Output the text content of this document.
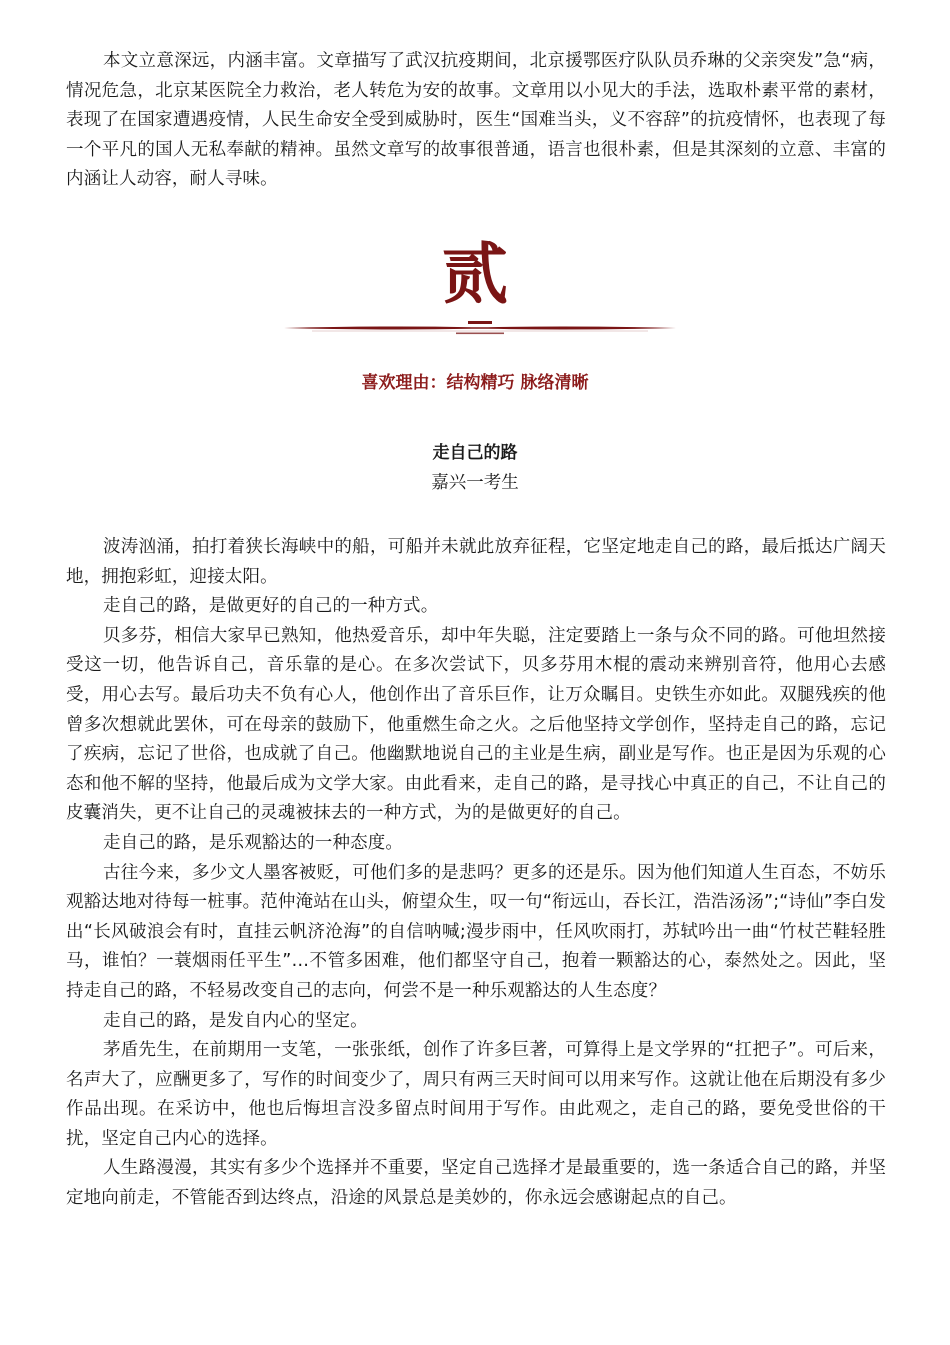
本文立意深远，内涵丰富。文章描写了武汉抗疫期间，北京援鄂医疗队队员乔琳的父亲突发”急“病，情况危急，北京某医院全力救治，老人转危为安的故事。文章用以小见大的手法，选取朴素平常的素材，表现了在国家遭遇疫情，人民生命安全受到威胁时，医生“国难当头，义不容辞”的抗疫情怀，也表现了每一个平凡的国人无私奉献的精神。虽然文章写的故事很普通，语言也很朴素，但是其深刻的立意、丰富的内涵让人动容，耐人寻味。

贰
喜欢理由：结构精巧 脉络清晰
走自己的路
嘉兴一考生

波涛汹涌，拍打着狭长海峡中的船，可船并未就此放弃征程，它坚定地走自己的路，最后抵达广阔天地，拥抱彩虹，迎接太阳。

走自己的路，是做更好的自己的一种方式。

贝多芬，相信大家早已熟知，他热爱音乐，却中年失聪，注定要踏上一条与众不同的路。可他坦然接受这一切，他告诉自己，音乐靠的是心。在多次尝试下，贝多芬用木棍的震动来辨别音符，他用心去感受，用心去写。最后功夫不负有心人，他创作出了音乐巨作，让万众瞩目。史铁生亦如此。双腿残疾的他曾多次想就此罢休，可在母亲的鼓励下，他重燃生命之火。之后他坚持文学创作，坚持走自己的路，忘记了疾病，忘记了世俗，也成就了自己。他幽默地说自己的主业是生病，副业是写作。也正是因为乐观的心态和他不解的坚持，他最后成为文学大家。由此看来，走自己的路，是寻找心中真正的自己，不让自己的皮囊消失，更不让自己的灵魂被抹去的一种方式，为的是做更好的自己。

走自己的路，是乐观豁达的一种态度。

古往今来，多少文人墨客被贬，可他们多的是悲吗？更多的还是乐。因为他们知道人生百态，不妨乐观豁达地对待每一桩事。范仲淹站在山头，俯望众生，叹一句“衔远山，吞长江，浩浩汤汤”;“诗仙”李白发出“长风破浪会有时，直挂云帆济沧海”的自信呐喊;漫步雨中，任风吹雨打，苏轼吟出一曲“竹杖芒鞋轻胜马，谁怕？一蓑烟雨任平生”…不管多困难，他们都坚守自己，抱着一颗豁达的心，泰然处之。因此，坚持走自己的路，不轻易改变自己的志向，何尝不是一种乐观豁达的人生态度？

走自己的路，是发自内心的坚定。

茅盾先生，在前期用一支笔，一张张纸，创作了许多巨著，可算得上是文学界的“扛把子”。可后来，名声大了，应酬更多了，写作的时间变少了，周只有两三天时间可以用来写作。这就让他在后期没有多少作品出现。在采访中，他也后悔坦言没多留点时间用于写作。由此观之，走自己的路，要免受世俗的干扰，坚定自己内心的选择。

人生路漫漫，其实有多少个选择并不重要，坚定自己选择才是最重要的，选一条适合自己的路，并坚定地向前走，不管能否到达终点，沿途的风景总是美妙的，你永远会感谢起点的自己。
